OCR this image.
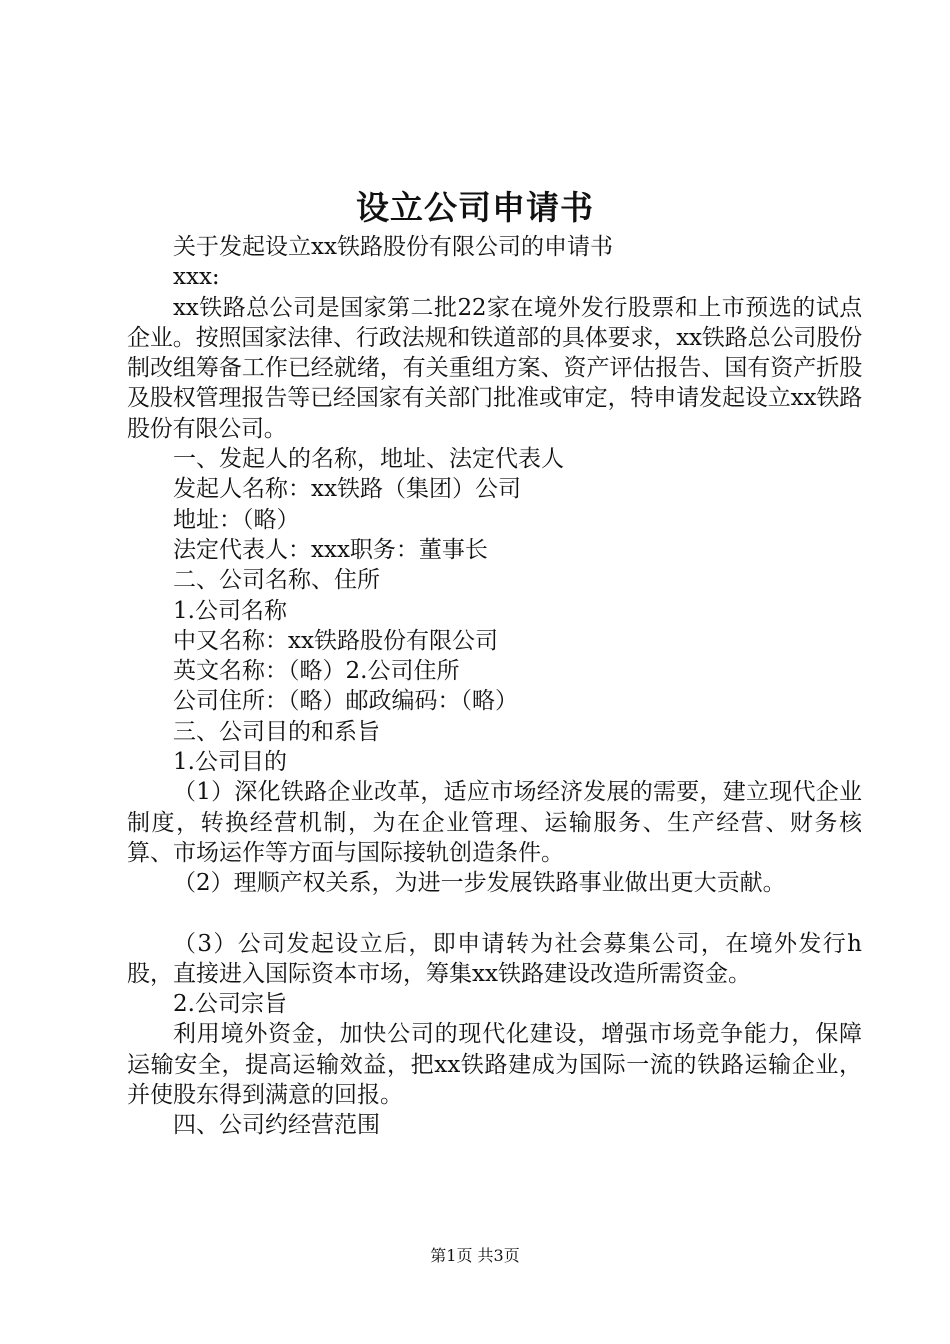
设立公司申请书

关于发起设立xx铁路股份有限公司的申请书

xxx:

xx铁路总公司是国家第二批22家在境外发行股票和上市预选的试点企业。按照国家法律、行政法规和铁道部的具体要求，xx铁路总公司股份制改组筹备工作已经就绪，有关重组方案、资产评估报告、国有资产折股及股权管理报告等已经国家有关部门批准或审定，特申请发起设立xx铁路股份有限公司。

一、发起人的名称，地址、法定代表人

发起人名称：xx铁路（集团）公司

地址：（略）

法定代表人：xxx职务：董事长

二、公司名称、住所

1.公司名称

中又名称：xx铁路股份有限公司

英文名称：（略）2.公司住所

公司住所：（略）邮政编码：（略）

三、公司目的和系旨

1.公司目的

（1）深化铁路企业改革，适应市场经济发展的需要，建立现代企业制度，转换经营机制，为在企业管理、运输服务、生产经营、财务核算、市场运作等方面与国际接轨创造条件。

（2）理顺产权关系，为进一步发展铁路事业做出更大贡献。

（3）公司发起设立后，即申请转为社会募集公司，在境外发行h股，直接进入国际资本市场，筹集xx铁路建设改造所需资金。

2.公司宗旨

利用境外资金，加快公司的现代化建设，增强市场竞争能力，保障运输安全，提高运输效益，把xx铁路建成为国际一流的铁路运输企业，并使股东得到满意的回报。

四、公司约经营范围

第1页 共3页
